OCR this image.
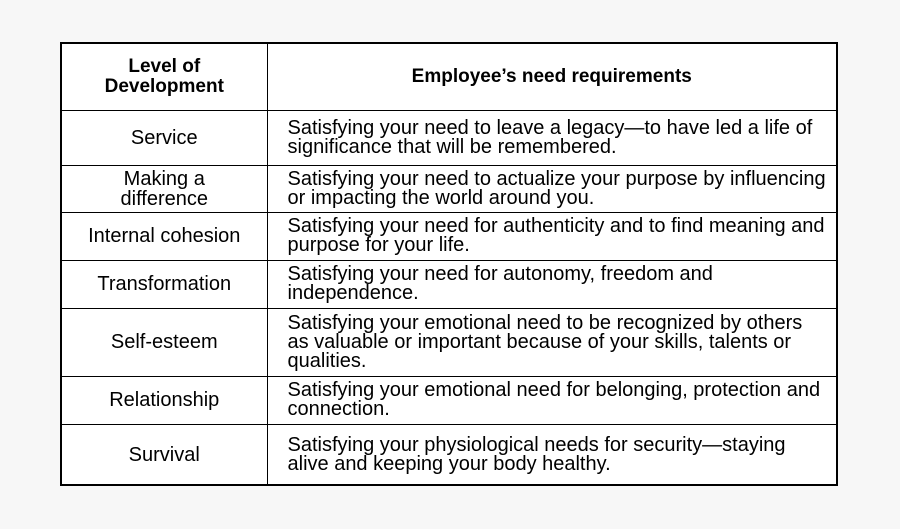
Level of Development	Employee’s need requirements
Service	Satisfying your need to leave a legacy—to have led a life of significance that will be remembered.
Making a difference	Satisfying your need to actualize your purpose by influencing or impacting the world around you.
Internal cohesion	Satisfying your need for authenticity and to find meaning and purpose for your life.
Transformation	Satisfying your need for autonomy, freedom and independence.
Self-esteem	Satisfying your emotional need to be recognized by others as valuable or important because of your skills, talents or qualities.
Relationship	Satisfying your emotional need for belonging, protection and connection.
Survival	Satisfying your physiological needs for security—staying alive and keeping your body healthy.
